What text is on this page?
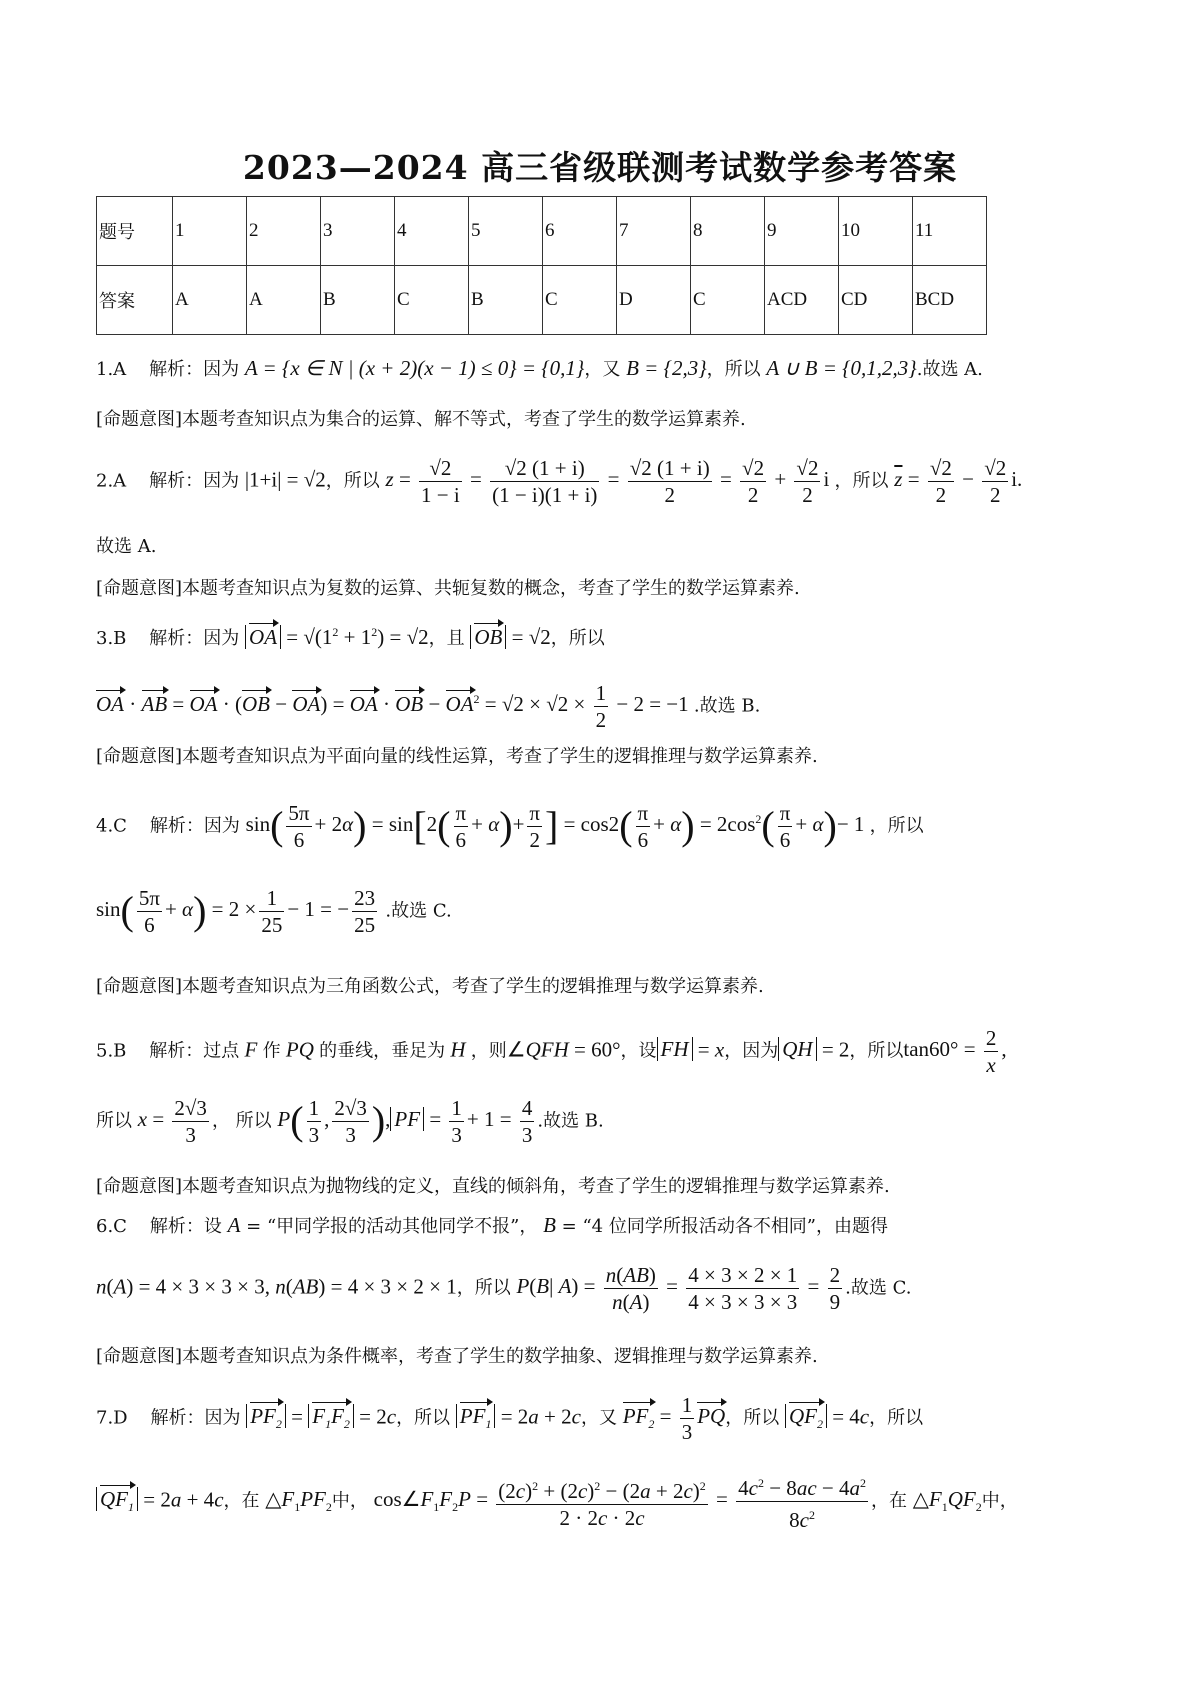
2023—2024 高三省级联测考试数学参考答案
题号	1	2	3	4	5	6	7	8	9	10	11
答案	A	A	B	C	B	C	D	C	ACD	CD	BCD
1.A 解析：因为 A = {x ∈ N | (x + 2)(x − 1) ≤ 0} = {0,1}，又 B = {2,3}，所以 A ∪ B = {0,1,2,3}.故选 A.
[命题意图]本题考查知识点为集合的运算、解不等式，考查了学生的数学运算素养.
2.A 解析：因为 |1+i| = √2，所以 $z = \frac{√2}{1 - i} = \frac{√2 (1 + i)}{(1 - i)(1 + i)} = \frac{√2 (1 + i)}{2} = \frac{√2}{2} + \frac{√2}{2}$ i ，所以 $\overline{z} = \frac{√2}{2} - \frac{√2}{2} i$.
故选 A.
[命题意图]本题考查知识点为复数的运算、共轭复数的概念，考查了学生的数学运算素养.
3.B 解析：因为 OA = $√(1^2 + 1^2) = √2$，且 OB = √2，所以
OA · AB = OA · (OB − OA) = OA · OB − $OA^2 = √2 \times √2 \times \frac{1}{2} - 2 = -1$ .故选 B.
[命题意图]本题考查知识点为平面向量的线性运算，考查了学生的逻辑推理与数学运算素养.
4.C 解析：因为 $\sin( \frac{5\pi}{6} + 2\alpha) = \sin[2( \frac{\pi}{6} + \alpha)+ \frac{\pi}{2}$ ] = $\cos 2( \frac{\pi}{6} + \alpha) = 2\cos^2( \frac{\pi}{6} + \alpha)- 1$ ，所以
$\sin( \frac{5\pi}{6} + \alpha) = 2 \times \frac{1}{25} - 1$ = − $\frac{23}{25}$ .故选 C.
[命题意图]本题考查知识点为三角函数公式，考查了学生的逻辑推理与数学运算素养.
5.B 解析：过点 F 作 PQ 的垂线，垂足为 H ，则∠QFH = 60°，设 FH = x，因为 QH = 2，所以$\tan 60^\circ = \frac{2}{x}$ ,
所以 $x = \frac{2√3}{3}$ ， 所以 $P( \frac{1}{3}$ , $\frac{2√3}{3}$ ), PF = $\frac{1}{3} + 1 = \frac{4}{3}$ .故选 B.
[命题意图]本题考查知识点为抛物线的定义，直线的倾斜角，考查了学生的逻辑推理与数学运算素养.
6.C 解析：设 A = “甲同学报的活动其他同学不报”， B = “4 位同学所报活动各不相同”，由题得
n(A) = 4 × 3 × 3 × 3, n(AB) = 4 × 3 × 2 × 1，所以 P(B| $A) = \frac{n(AB)}{n(A)} = \frac{4 \times 3 \times 2 \times 1}{4 \times 3 \times 3 \times 3} = \frac{2}{9}$ .故选 C.
[命题意图]本题考查知识点为条件概率，考查了学生的数学抽象、逻辑推理与数学运算素养.
7.D 解析：因为 $PF_2 = F_1F_2 = 2c$，所以 $PF_1 = 2a + 2c$，又 $PF_2 = \frac{1}{3}$ PQ，所以 $QF_2 = 4c$，所以
$QF_1 = 2a + 4c$，在 $\triangle F_1PF_2$中， $\cos\angle F_1F_2P = \frac{(2c)^2 + (2c)^2 - (2a + 2c)^2}{2 \cdot 2c \cdot 2c} = \frac{4c^2 - 8ac - 4a^2}{8c^2}$ ，在 $\triangle F_1QF_2$中，
